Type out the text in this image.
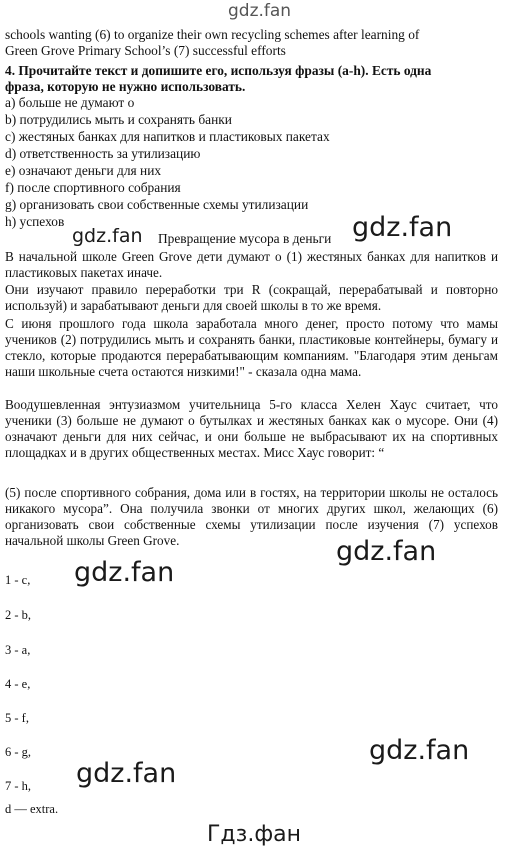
gdz.fan
schools wanting (6) to organize their own recycling schemes after learning of
Green Grove Primary School’s (7) successful efforts
4. Прочитайте текст и допишите его, используя фразы (a-h). Есть одна
фраза, которую не нужно использовать.
a) больше не думают о
b) потрудились мыть и сохранять банки
c) жестяных банках для напитков и пластиковых пакетах
d) ответственность за утилизацию
e) означают деньги для них
f) после спортивного собрания
g) организовать свои собственные схемы утилизации
h) успехов
gdz.fan Превращение мусора в деньги gdz.fan
В начальной школе Green Grove дети думают о (1) жестяных банках для напитков и пластиковых пакетах иначе.
Они изучают правило переработки три R (сокращай, перерабатывай и повторно используй) и зарабатывают деньги для своей школы в то же время.
С июня прошлого года школа заработала много денег, просто потому что мамы учеников (2) потрудились мыть и сохранять банки, пластиковые контейнеры, бумагу и стекло, которые продаются перерабатывающим компаниям. "Благодаря этим деньгам наши школьные счета остаются низкими!" - сказала одна мама.
Воодушевленная энтузиазмом учительница 5-го класса Хелен Хаус считает, что ученики (3) больше не думают о бутылках и жестяных банках как о мусоре. Они (4) означают деньги для них сейчас, и они больше не выбрасывают их на спортивных площадках и в других общественных местах. Мисс Хаус говорит: “
(5) после спортивного собрания, дома или в гостях, на территории школы не осталось никакого мусора”. Она получила звонки от многих других школ, желающих (6) организовать свои собственные схемы утилизации после изучения (7) успехов начальной школы Green Grove.	gdz.fan
gdz.fan
1 - c,
2 - b,
3 - a,
4 - e,
5 - f,
6 - g,
7 - h,
d — extra.
gdz.fan
gdz.fan
Гдз.фан
